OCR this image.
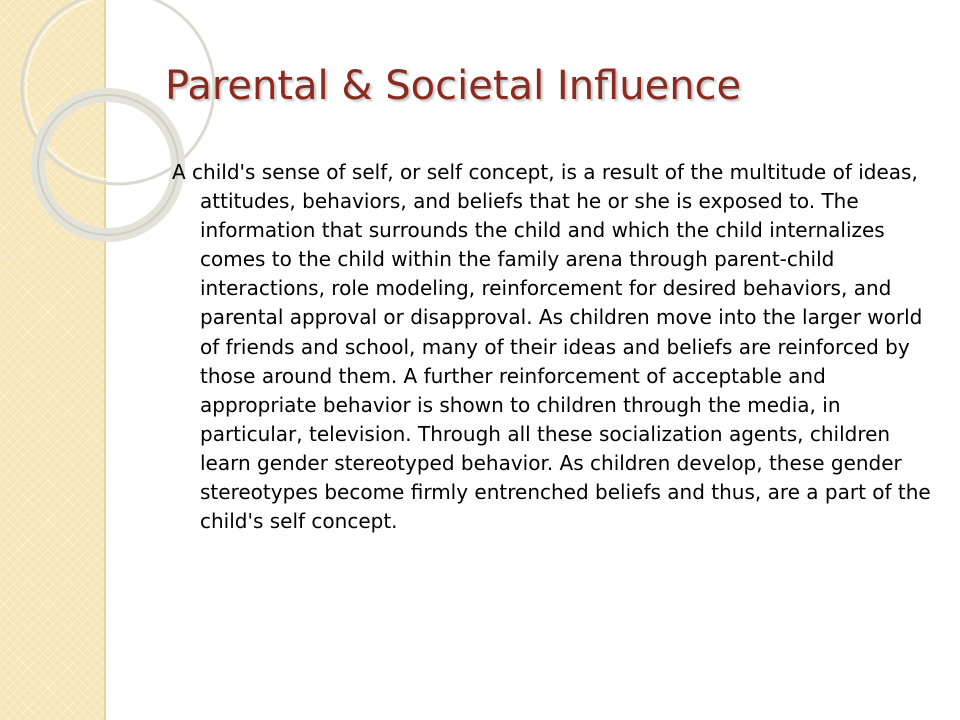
Parental & Societal Influence

A child's sense of self, or self concept, is a result of the multitude of ideas, attitudes, behaviors, and beliefs that he or she is exposed to. The information that surrounds the child and which the child internalizes comes to the child within the family arena through parent-child interactions, role modeling, reinforcement for desired behaviors, and parental approval or disapproval. As children move into the larger world of friends and school, many of their ideas and beliefs are reinforced by those around them. A further reinforcement of acceptable and appropriate behavior is shown to children through the media, in particular, television. Through all these socialization agents, children learn gender stereotyped behavior. As children develop, these gender stereotypes become firmly entrenched beliefs and thus, are a part of the child's self concept.
